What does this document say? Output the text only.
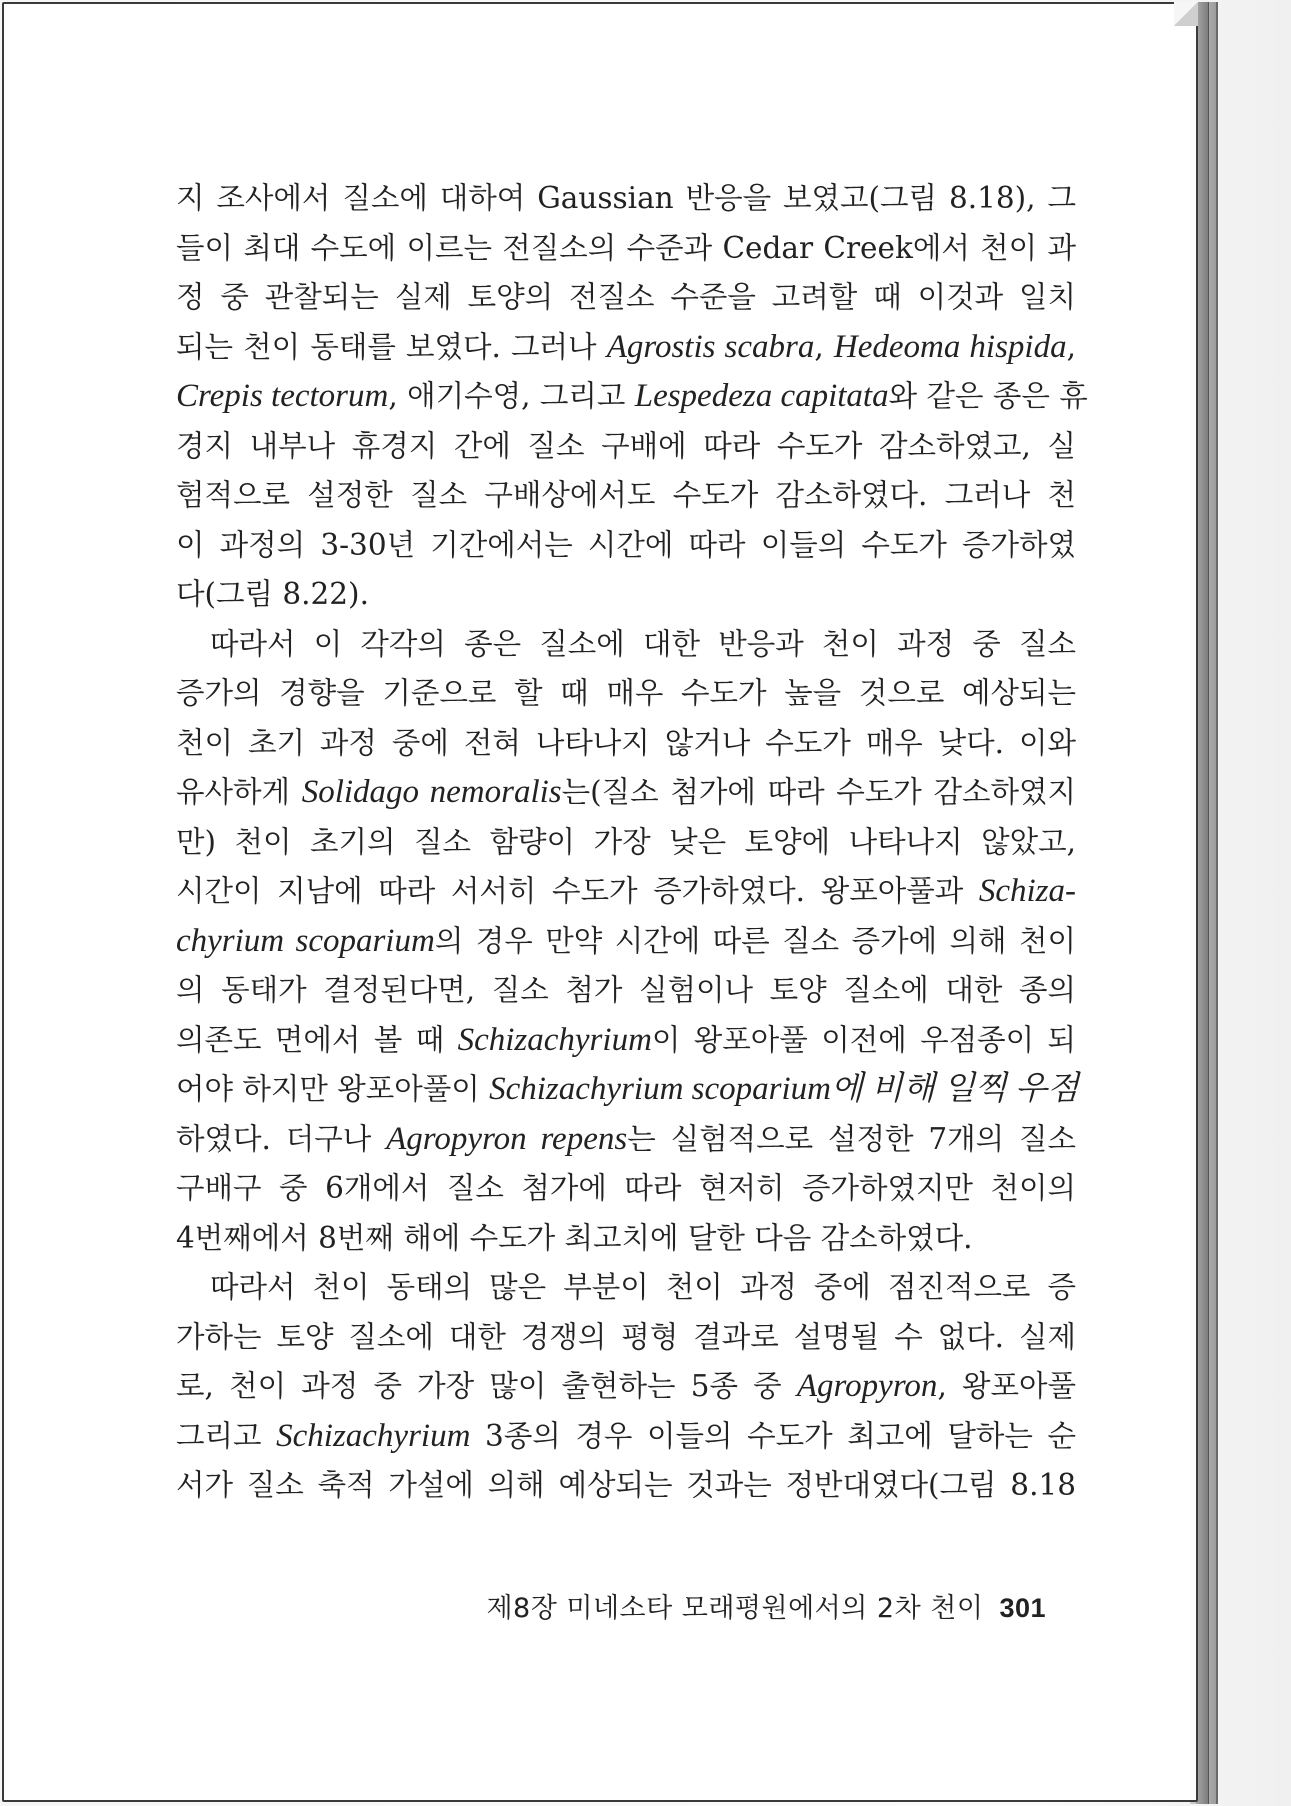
지 조사에서 질소에 대하여 Gaussian 반응을 보였고(그림 8.18), 그
들이 최대 수도에 이르는 전질소의 수준과 Cedar Creek에서 천이 과
정 중 관찰되는 실제 토양의 전질소 수준을 고려할 때 이것과 일치
되는 천이 동태를 보였다. 그러나 Agrostis scabra, Hedeoma hispida,
Crepis tectorum, 애기수영, 그리고 Lespedeza capitata와 같은 종은 휴
경지 내부나 휴경지 간에 질소 구배에 따라 수도가 감소하였고, 실
험적으로 설정한 질소 구배상에서도 수도가 감소하였다. 그러나 천
이 과정의 3-30년 기간에서는 시간에 따라 이들의 수도가 증가하였
다(그림 8.22).

따라서 이 각각의 종은 질소에 대한 반응과 천이 과정 중 질소
증가의 경향을 기준으로 할 때 매우 수도가 높을 것으로 예상되는
천이 초기 과정 중에 전혀 나타나지 않거나 수도가 매우 낮다. 이와
유사하게 Solidago nemoralis는(질소 첨가에 따라 수도가 감소하였지
만) 천이 초기의 질소 함량이 가장 낮은 토양에 나타나지 않았고,
시간이 지남에 따라 서서히 수도가 증가하였다. 왕포아풀과 Schiza-
chyrium scoparium의 경우 만약 시간에 따른 질소 증가에 의해 천이
의 동태가 결정된다면, 질소 첨가 실험이나 토양 질소에 대한 종의
의존도 면에서 볼 때 Schizachyrium이 왕포아풀 이전에 우점종이 되
어야 하지만 왕포아풀이 Schizachyrium scoparium에 비해 일찍 우점
하였다. 더구나 Agropyron repens는 실험적으로 설정한 7개의 질소
구배구 중 6개에서 질소 첨가에 따라 현저히 증가하였지만 천이의
4번째에서 8번째 해에 수도가 최고치에 달한 다음 감소하였다.

따라서 천이 동태의 많은 부분이 천이 과정 중에 점진적으로 증
가하는 토양 질소에 대한 경쟁의 평형 결과로 설명될 수 없다. 실제
로, 천이 과정 중 가장 많이 출현하는 5종 중 Agropyron, 왕포아풀
그리고 Schizachyrium 3종의 경우 이들의 수도가 최고에 달하는 순
서가 질소 축적 가설에 의해 예상되는 것과는 정반대였다(그림 8.18

제8장 미네소타 모래평원에서의 2차 천이 301
